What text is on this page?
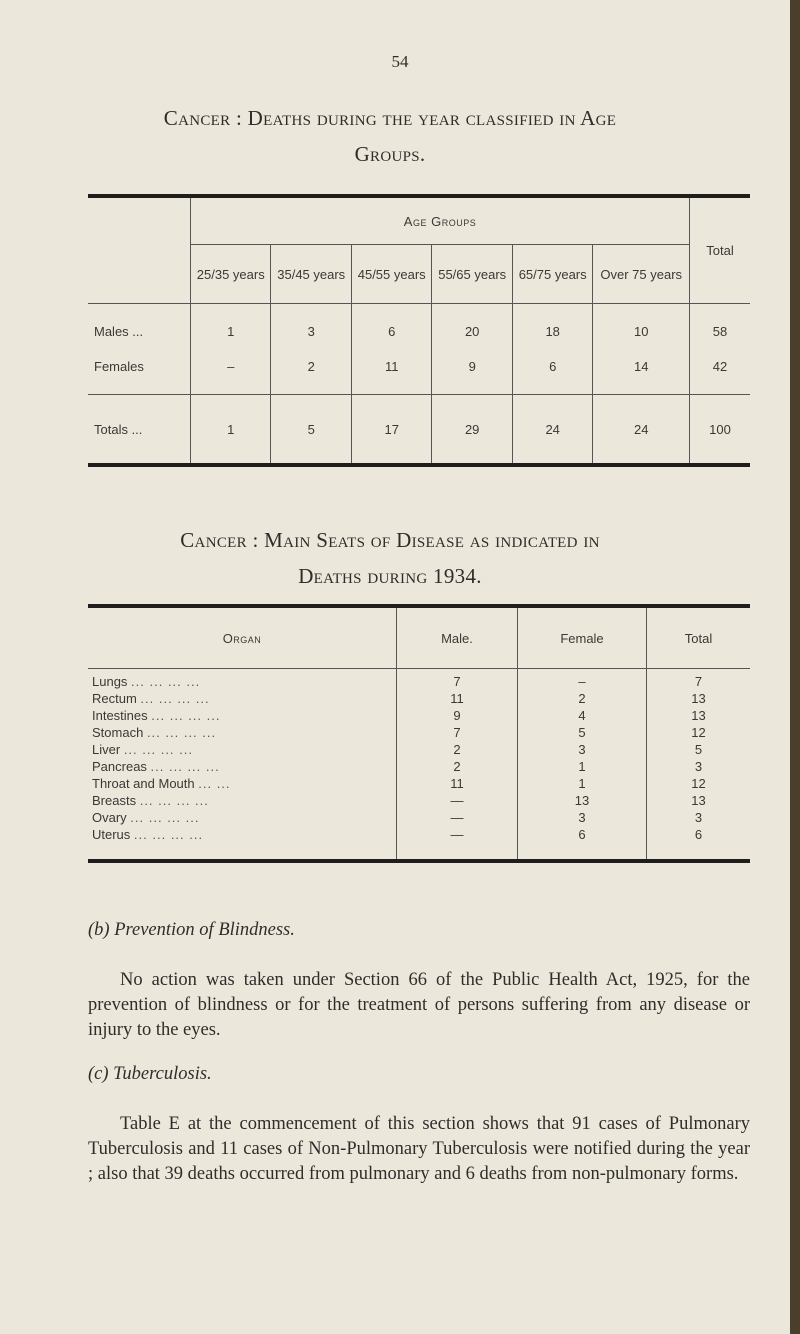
54
Cancer : Deaths during the year classified in Age
Groups.
	Age Groups						Total
	25/35 years	35/45 years	45/55 years	55/65 years	65/75 years	Over 75 years	

Males ...	1	3	6	20	18	10	58
Females	–	2	11	9	6	14	42

Totals ...	1	5	17	29	24	24	100
Cancer : Main Seats of Disease as indicated in
Deaths during 1934.
Organ	Male.	Female	Total
Lungs ... ... ... ...	7	–	7
Rectum ... ... ... ...	11	2	13
Intestines ... ... ... ...	9	4	13
Stomach ... ... ... ...	7	5	12
Liver ... ... ... ...	2	3	5
Pancreas ... ... ... ...	2	1	3
Throat and Mouth ... ...	11	1	12
Breasts ... ... ... ...	—	13	13
Ovary ... ... ... ...	—	3	3
Uterus ... ... ... ...	—	6	6
(b) Prevention of Blindness.

No action was taken under Section 66 of the Public Health Act, 1925, for the prevention of blindness or for the treatment of persons suffering from any disease or injury to the eyes.

(c) Tuberculosis.

Table E at the commencement of this section shows that 91 cases of Pulmonary Tuberculosis and 11 cases of Non-Pulmonary Tuberculosis were notified during the year ; also that 39 deaths occurred from pulmonary and 6 deaths from non-pulmonary forms.
